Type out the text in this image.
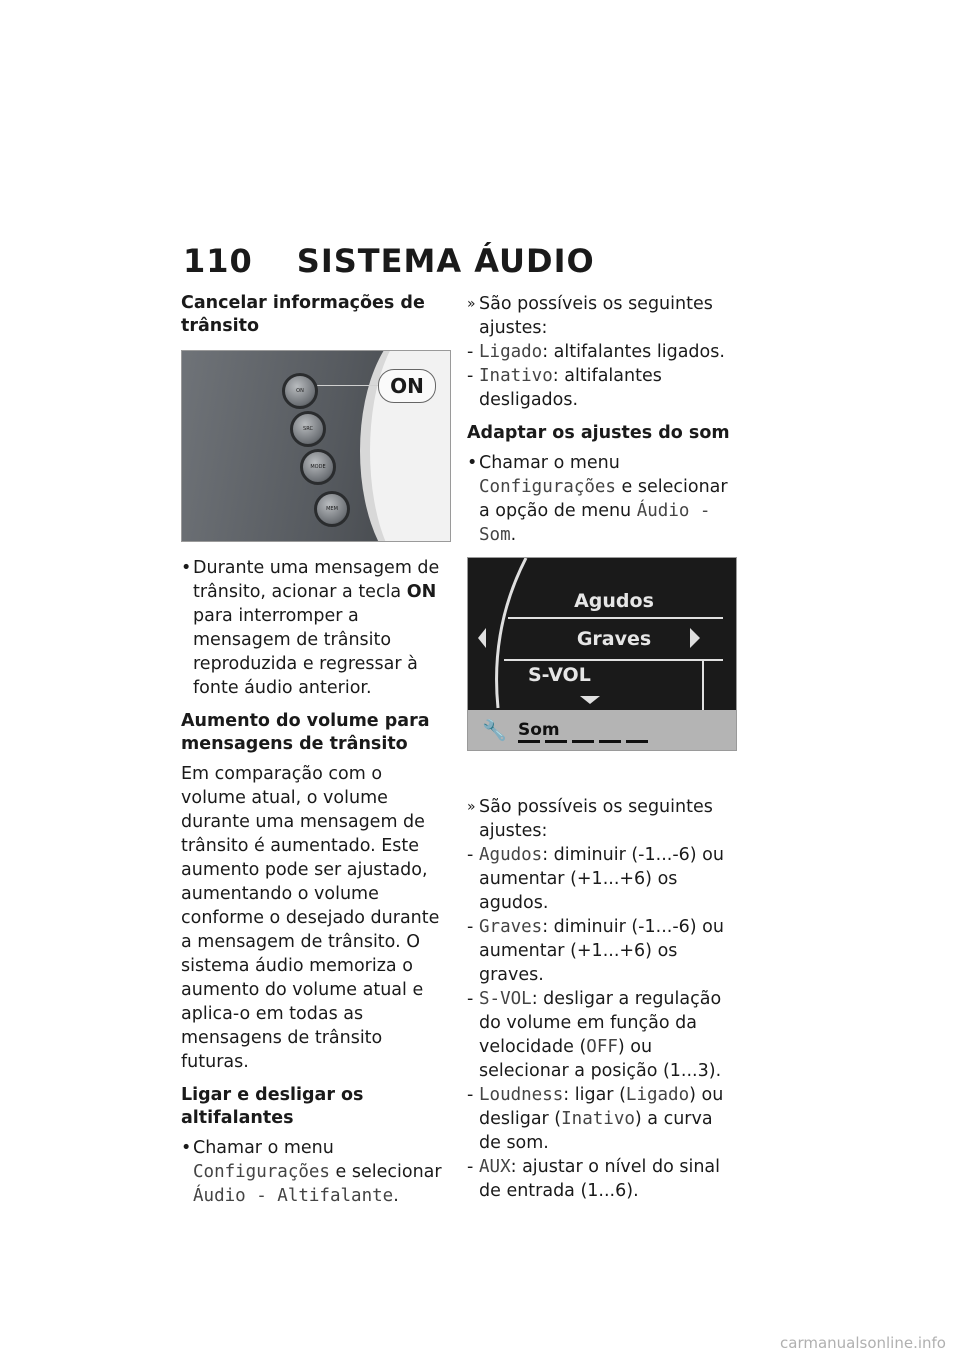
110 SISTEMA ÁUDIO
Cancelar informações de trânsito
ON
ON
SRC
MODE
MEM
• Durante uma mensagem de trânsito, acionar a tecla ON para interromper a mensagem de trânsito reproduzida e regressar à fonte áudio anterior.
Aumento do volume para mensagens de trânsito

Em comparação com o volume atual, o volume durante uma mensagem de trânsito é aumentado. Este aumento pode ser ajustado, aumentando o volume conforme o desejado durante a mensagem de trânsito. O sistema áudio memoriza o aumento do volume atual e aplica-o em todas as mensagens de trânsito futuras.

Ligar e desligar os altifalantes
• Chamar o menu Configurações e selecionar Áudio - Altifalante.
» São possíveis os seguintes ajustes:
- Ligado: altifalantes ligados.
- Inativo: altifalantes desligados.
Adaptar os ajustes do som
• Chamar o menu Configurações e selecionar a opção de menu Áudio - Som.
Agudos
Graves
S-VOL
🔧 Som
» São possíveis os seguintes ajustes:
- Agudos: diminuir (-1...-6) ou aumentar (+1...+6) os agudos.
- Graves: diminuir (-1...-6) ou aumentar (+1...+6) os graves.
- S-VOL: desligar a regulação do volume em função da velocidade (OFF) ou selecionar a posição (1...3).
- Loudness: ligar (Ligado) ou desligar (Inativo) a curva de som.
- AUX: ajustar o nível do sinal de entrada (1...6).
carmanualsonline.info
